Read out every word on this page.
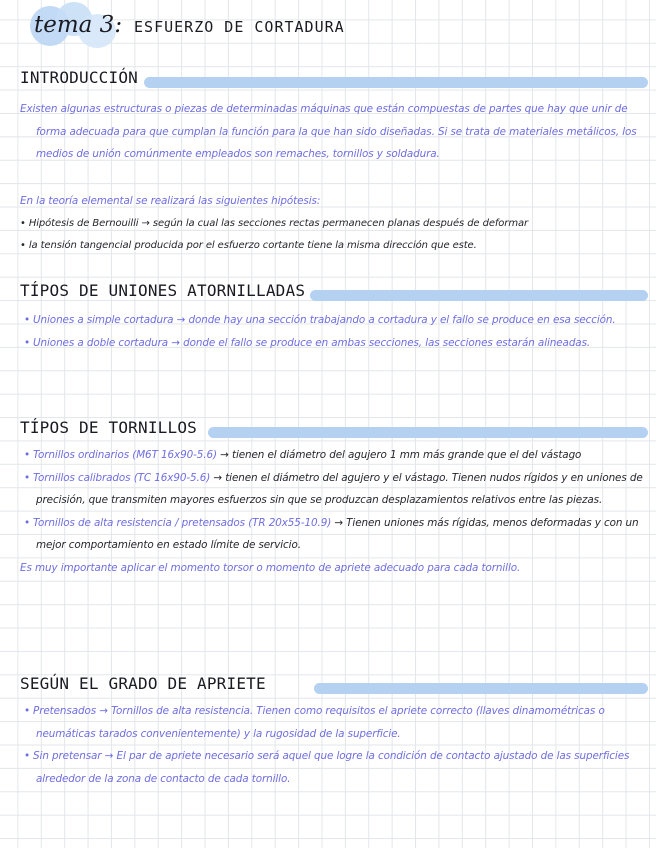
tema 3: ESFUERZO DE CORTADURA
INTRODUCCIÓN
Existen algunas estructuras o piezas de determinadas máquinas que están compuestas de partes que hay que unir de forma adecuada para que cumplan la función para la que han sido diseñadas. Si se trata de materiales metálicos, los medios de unión comúnmente empleados son remaches, tornillos y soldadura.
En la teoría elemental se realizará las siguientes hipótesis:
• Hipótesis de Bernouilli → según la cual las secciones rectas permanecen planas después de deformar
• la tensión tangencial producida por el esfuerzo cortante tiene la misma dirección que este.
TÍPOS DE UNIONES ATORNILLADAS
• Uniones a simple cortadura → donde hay una sección trabajando a cortadura y el fallo se produce en esa sección.
• Uniones a doble cortadura → donde el fallo se produce en ambas secciones, las secciones estarán alineadas.
TÍPOS DE TORNILLOS
• Tornillos ordinarios (M6T 16x90-5.6) → tienen el diámetro del agujero 1 mm más grande que el del vástago
• Tornillos calibrados (TC 16x90-5.6) → tienen el diámetro del agujero y el vástago. Tienen nudos rígidos y en uniones de precisión, que transmiten mayores esfuerzos sin que se produzcan desplazamientos relativos entre las piezas.
• Tornillos de alta resistencia / pretensados (TR 20x55-10.9) → Tienen uniones más rígidas, menos deformadas y con un mejor comportamiento en estado límite de servicio.
Es muy importante aplicar el momento torsor o momento de apriete adecuado para cada tornillo.
SEGÚN EL GRADO DE APRIETE
• Pretensados → Tornillos de alta resistencia. Tienen como requisitos el apriete correcto (llaves dinamométricas o neumáticas tarados convenientemente) y la rugosidad de la superficie.
• Sin pretensar → El par de apriete necesario será aquel que logre la condición de contacto ajustado de las superficies alrededor de la zona de contacto de cada tornillo.
